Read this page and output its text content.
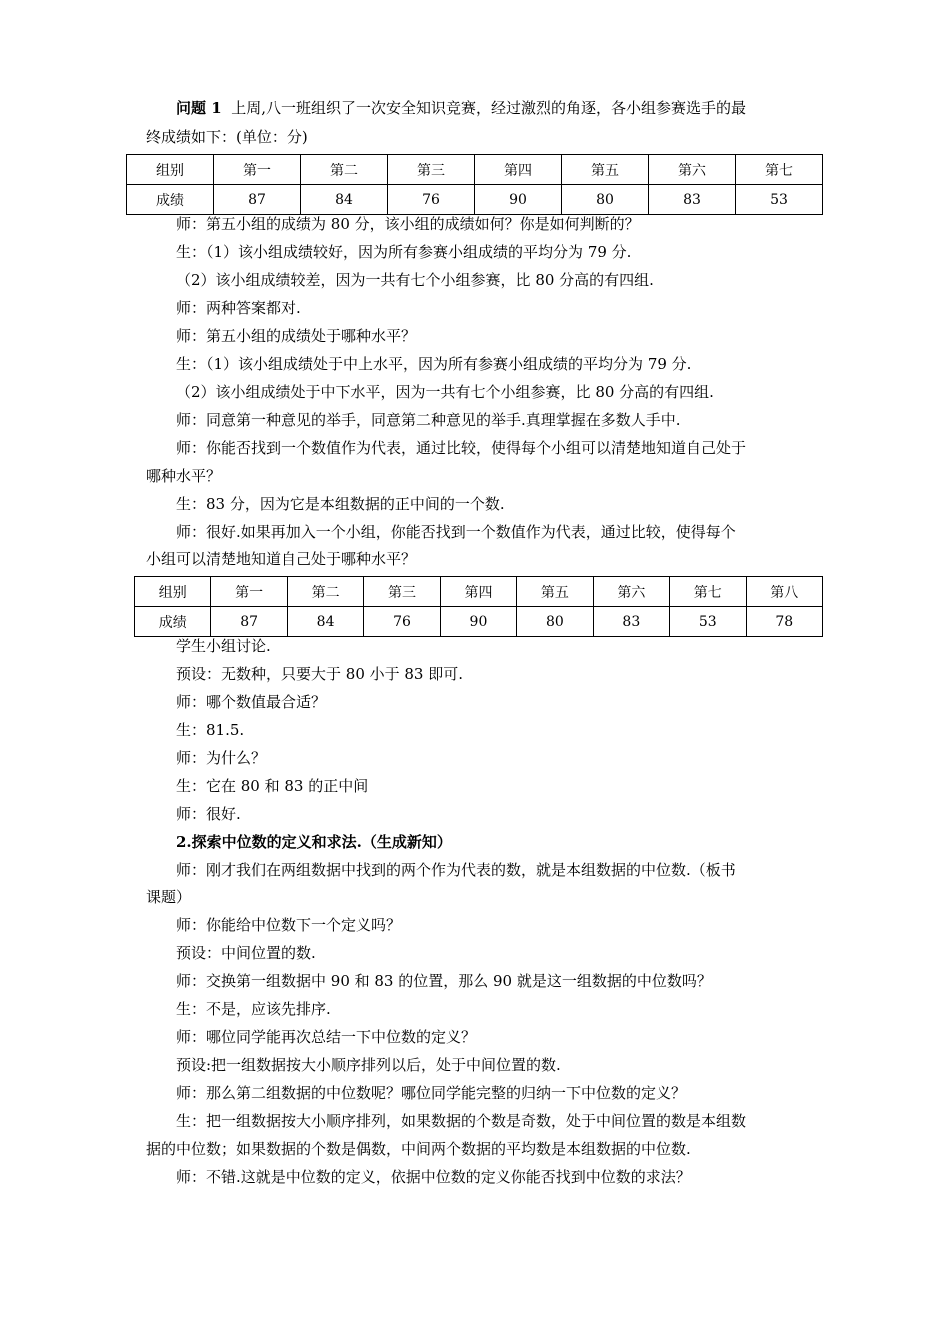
问题 1 上周,八一班组织了一次安全知识竞赛，经过激烈的角逐，各小组参赛选手的最
终成绩如下：(单位：分)
组别	第一	第二	第三	第四	第五	第六	第七
成绩	87	84	76	90	80	83	53
师：第五小组的成绩为 80 分，该小组的成绩如何？你是如何判断的？
生：（1）该小组成绩较好，因为所有参赛小组成绩的平均分为 79 分.
（2）该小组成绩较差，因为一共有七个小组参赛，比 80 分高的有四组.
师：两种答案都对.
师：第五小组的成绩处于哪种水平？
生：（1）该小组成绩处于中上水平，因为所有参赛小组成绩的平均分为 79 分.
（2）该小组成绩处于中下水平，因为一共有七个小组参赛，比 80 分高的有四组.
师：同意第一种意见的举手，同意第二种意见的举手.真理掌握在多数人手中.
师：你能否找到一个数值作为代表，通过比较，使得每个小组可以清楚地知道自己处于
哪种水平？
生：83 分，因为它是本组数据的正中间的一个数.
师：很好.如果再加入一个小组，你能否找到一个数值作为代表，通过比较，使得每个
小组可以清楚地知道自己处于哪种水平？
组别	第一	第二	第三	第四	第五	第六	第七	第八
成绩	87	84	76	90	80	83	53	78
学生小组讨论.
预设：无数种，只要大于 80 小于 83 即可.
师：哪个数值最合适？
生：81.5.
师：为什么？
生：它在 80 和 83 的正中间
师：很好.
2.探索中位数的定义和求法.（生成新知）
师：刚才我们在两组数据中找到的两个作为代表的数，就是本组数据的中位数.（板书
课题）
师：你能给中位数下一个定义吗？
预设：中间位置的数.
师：交换第一组数据中 90 和 83 的位置，那么 90 就是这一组数据的中位数吗？
生：不是，应该先排序.
师：哪位同学能再次总结一下中位数的定义？
预设:把一组数据按大小顺序排列以后，处于中间位置的数.
师：那么第二组数据的中位数呢？哪位同学能完整的归纳一下中位数的定义？
生：把一组数据按大小顺序排列，如果数据的个数是奇数，处于中间位置的数是本组数
据的中位数；如果数据的个数是偶数，中间两个数据的平均数是本组数据的中位数.
师：不错.这就是中位数的定义，依据中位数的定义你能否找到中位数的求法？
